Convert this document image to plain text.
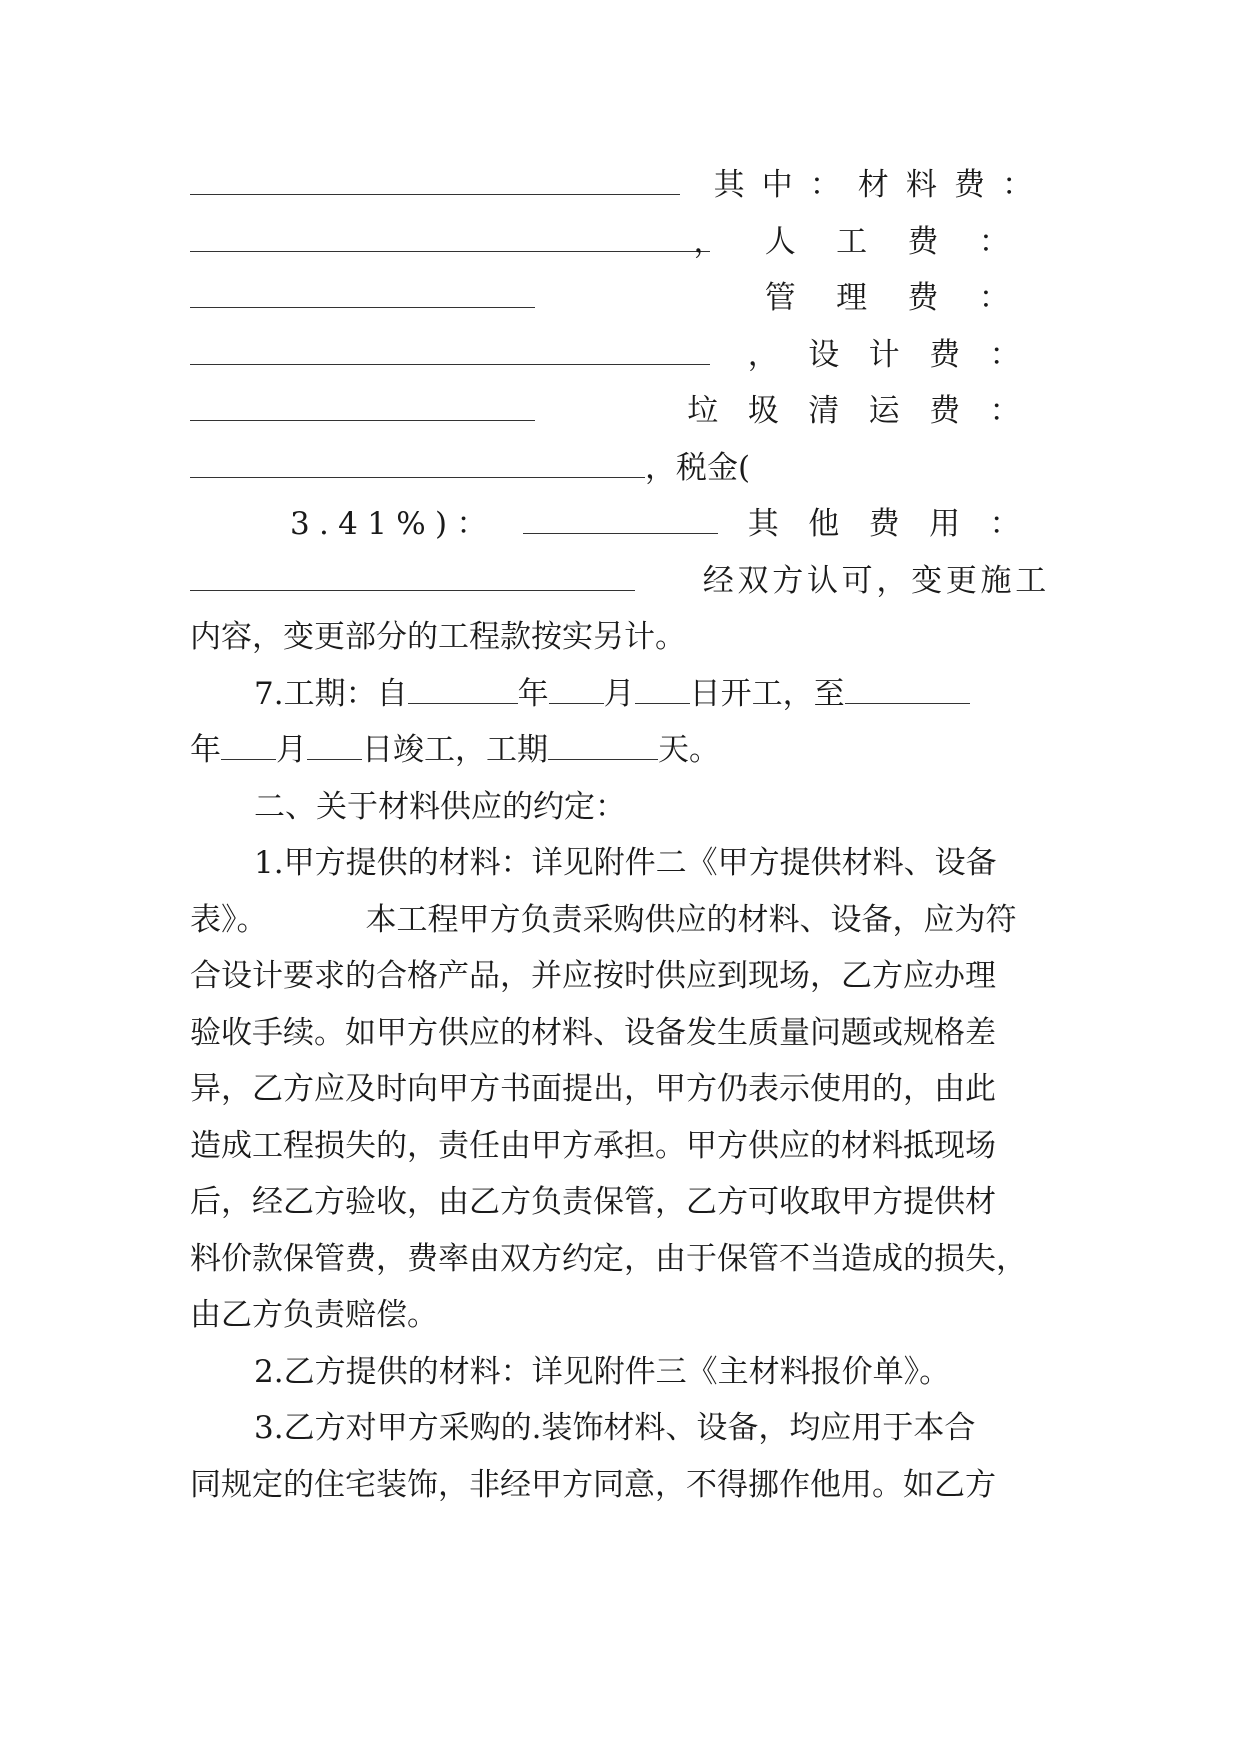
其中：材料费：
，人工费：
管理费：
，设计费：
垃圾清运费：
，税金(
3.41%)：	其他费用：
经双方认可，变更施工
内容，变更部分的工程款按实另计。
7.工期：自	年 月 日开工，至
年 月 日竣工，工期	天。
二、关于材料供应的约定：
1.甲方提供的材料：详见附件二《甲方提供材料、设备
表》。	本工程甲方负责采购供应的材料、设备，应为符
合设计要求的合格产品，并应按时供应到现场，乙方应办理
验收手续。如甲方供应的材料、设备发生质量问题或规格差
异，乙方应及时向甲方书面提出，甲方仍表示使用的，由此
造成工程损失的，责任由甲方承担。甲方供应的材料抵现场
后，经乙方验收，由乙方负责保管，乙方可收取甲方提供材
料价款保管费，费率由双方约定，由于保管不当造成的损失，
由乙方负责赔偿。
2.乙方提供的材料：详见附件三《主材料报价单》。
3.乙方对甲方采购的.装饰材料、设备，均应用于本合
同规定的住宅装饰，非经甲方同意，不得挪作他用。如乙方
